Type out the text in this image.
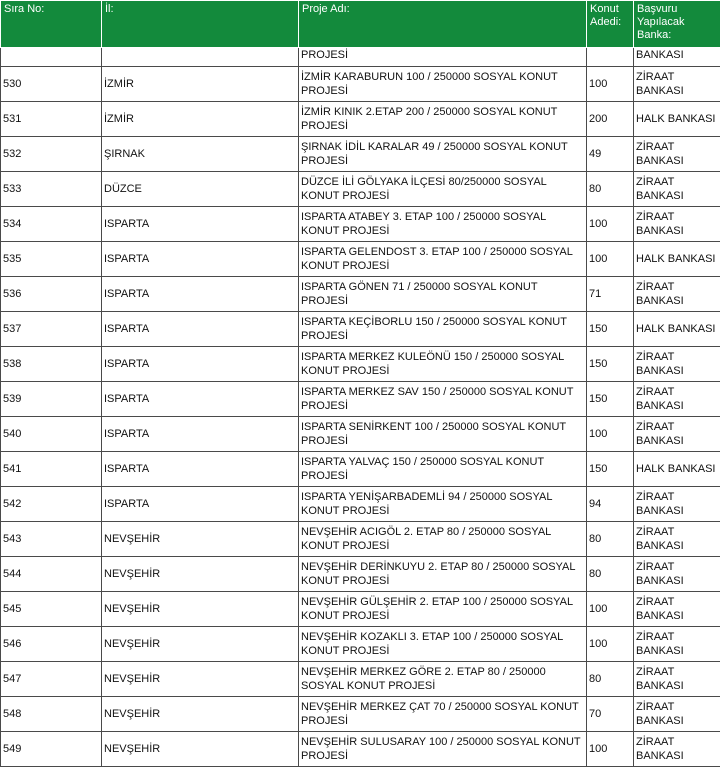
Sıra No:	İl:	Proje Adı:	Konut Adedi:	Başvuru Yapılacak Banka:
		PROJESİ		BANKASI
530	İZMİR	İZMİR KARABURUN 100 / 250000 SOSYAL KONUT PROJESİ	100	ZİRAAT BANKASI
531	İZMİR	İZMİR KINIK 2.ETAP 200 / 250000 SOSYAL KONUT PROJESİ	200	HALK BANKASI
532	ŞIRNAK	ŞIRNAK İDİL KARALAR 49 / 250000 SOSYAL KONUT PROJESİ	49	ZİRAAT BANKASI
533	DÜZCE	DÜZCE İLİ GÖLYAKA İLÇESİ 80/250000 SOSYAL KONUT PROJESİ	80	ZİRAAT BANKASI
534	ISPARTA	ISPARTA ATABEY 3. ETAP 100 / 250000 SOSYAL KONUT PROJESİ	100	ZİRAAT BANKASI
535	ISPARTA	ISPARTA GELENDOST 3. ETAP 100 / 250000 SOSYAL KONUT PROJESİ	100	HALK BANKASI
536	ISPARTA	ISPARTA GÖNEN 71 / 250000 SOSYAL KONUT PROJESİ	71	ZİRAAT BANKASI
537	ISPARTA	ISPARTA KEÇİBORLU 150 / 250000 SOSYAL KONUT PROJESİ	150	HALK BANKASI
538	ISPARTA	ISPARTA MERKEZ KULEÖNÜ 150 / 250000 SOSYAL KONUT PROJESİ	150	ZİRAAT BANKASI
539	ISPARTA	ISPARTA MERKEZ SAV 150 / 250000 SOSYAL KONUT PROJESİ	150	ZİRAAT BANKASI
540	ISPARTA	ISPARTA SENİRKENT 100 / 250000 SOSYAL KONUT PROJESİ	100	ZİRAAT BANKASI
541	ISPARTA	ISPARTA YALVAÇ 150 / 250000 SOSYAL KONUT PROJESİ	150	HALK BANKASI
542	ISPARTA	ISPARTA YENİŞARBADEMLİ 94 / 250000 SOSYAL KONUT PROJESİ	94	ZİRAAT BANKASI
543	NEVŞEHİR	NEVŞEHİR ACIGÖL 2. ETAP 80 / 250000 SOSYAL KONUT PROJESİ	80	ZİRAAT BANKASI
544	NEVŞEHİR	NEVŞEHİR DERİNKUYU 2. ETAP 80 / 250000 SOSYAL KONUT PROJESİ	80	ZİRAAT BANKASI
545	NEVŞEHİR	NEVŞEHİR GÜLŞEHİR 2. ETAP 100 / 250000 SOSYAL KONUT PROJESİ	100	ZİRAAT BANKASI
546	NEVŞEHİR	NEVŞEHİR KOZAKLI 3. ETAP 100 / 250000 SOSYAL KONUT PROJESİ	100	ZİRAAT BANKASI
547	NEVŞEHİR	NEVŞEHİR MERKEZ GÖRE 2. ETAP 80 / 250000 SOSYAL KONUT PROJESİ	80	ZİRAAT BANKASI
548	NEVŞEHİR	NEVŞEHİR MERKEZ ÇAT 70 / 250000 SOSYAL KONUT PROJESİ	70	ZİRAAT BANKASI
549	NEVŞEHİR	NEVŞEHİR SULUSARAY 100 / 250000 SOSYAL KONUT PROJESİ	100	ZİRAAT BANKASI
